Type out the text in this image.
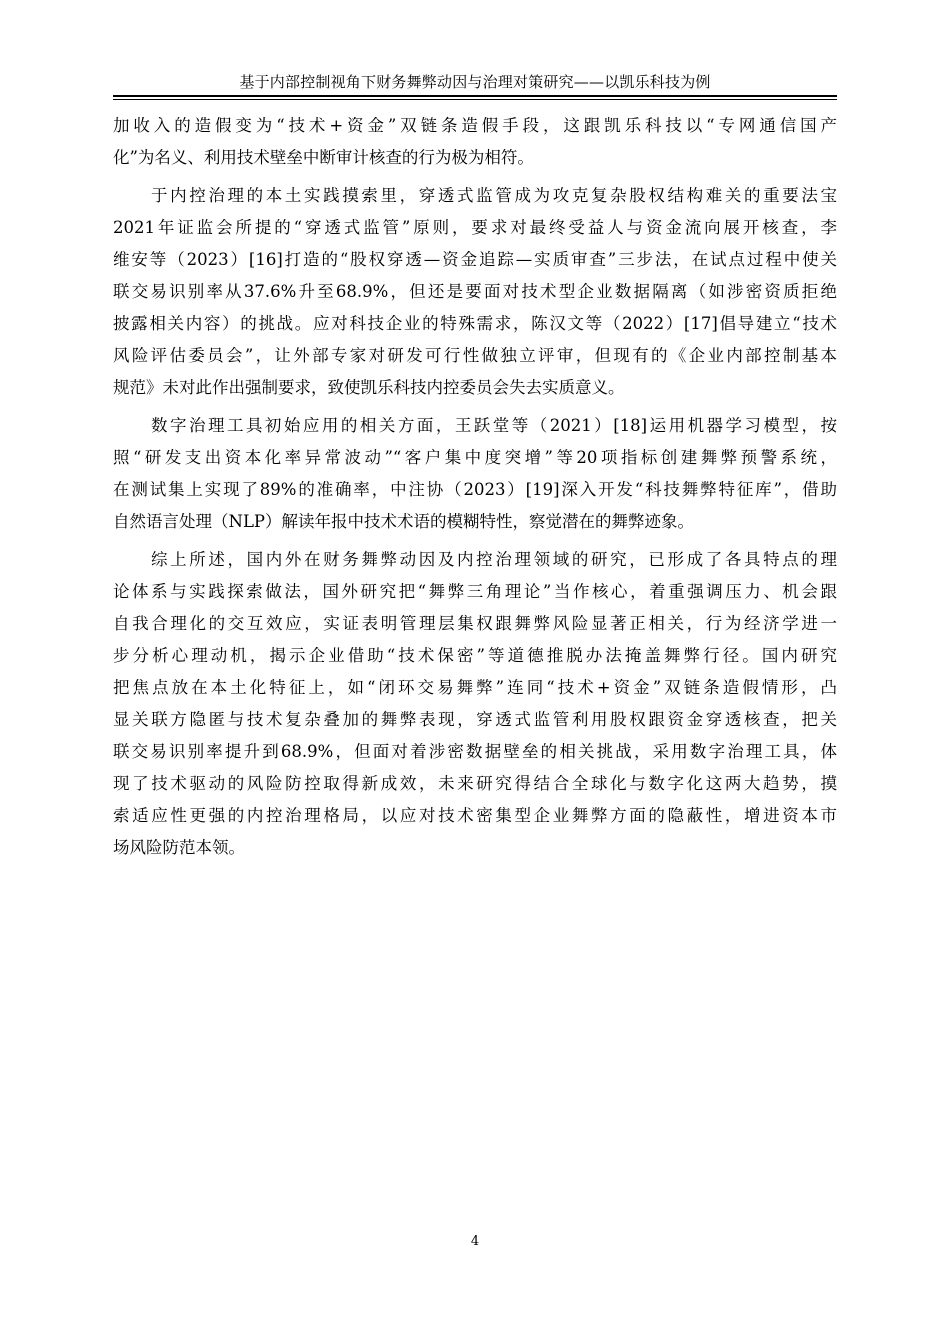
基于内部控制视角下财务舞弊动因与治理对策研究——以凯乐科技为例
加收入的造假变为“技术+资金”双链条造假手段，这跟凯乐科技以“专网通信国产
化”为名义、利用技术壁垒中断审计核查的行为极为相符。
于内控治理的本土实践摸索里，穿透式监管成为攻克复杂股权结构难关的重要法宝
2021年证监会所提的“穿透式监管”原则，要求对最终受益人与资金流向展开核查，李
维安等（2023）[16]打造的“股权穿透—资金追踪—实质审查”三步法，在试点过程中使关
联交易识别率从37.6%升至68.9%，但还是要面对技术型企业数据隔离（如涉密资质拒绝
披露相关内容）的挑战。应对科技企业的特殊需求，陈汉文等（2022）[17]倡导建立“技术
风险评估委员会”，让外部专家对研发可行性做独立评审，但现有的《企业内部控制基本
规范》未对此作出强制要求，致使凯乐科技内控委员会失去实质意义。
数字治理工具初始应用的相关方面，王跃堂等（2021）[18]运用机器学习模型，按
照“研发支出资本化率异常波动”“客户集中度突增”等20项指标创建舞弊预警系统，
在测试集上实现了89%的准确率，中注协（2023）[19]深入开发“科技舞弊特征库”，借助
自然语言处理（NLP）解读年报中技术术语的模糊特性，察觉潜在的舞弊迹象。
综上所述，国内外在财务舞弊动因及内控治理领域的研究，已形成了各具特点的理
论体系与实践探索做法，国外研究把“舞弊三角理论”当作核心，着重强调压力、机会跟
自我合理化的交互效应，实证表明管理层集权跟舞弊风险显著正相关，行为经济学进一
步分析心理动机，揭示企业借助“技术保密”等道德推脱办法掩盖舞弊行径。国内研究
把焦点放在本土化特征上，如“闭环交易舞弊”连同“技术+资金”双链条造假情形，凸
显关联方隐匿与技术复杂叠加的舞弊表现，穿透式监管利用股权跟资金穿透核查，把关
联交易识别率提升到68.9%，但面对着涉密数据壁垒的相关挑战，采用数字治理工具，体
现了技术驱动的风险防控取得新成效，未来研究得结合全球化与数字化这两大趋势，摸
索适应性更强的内控治理格局，以应对技术密集型企业舞弊方面的隐蔽性，增进资本市
场风险防范本领。
4
